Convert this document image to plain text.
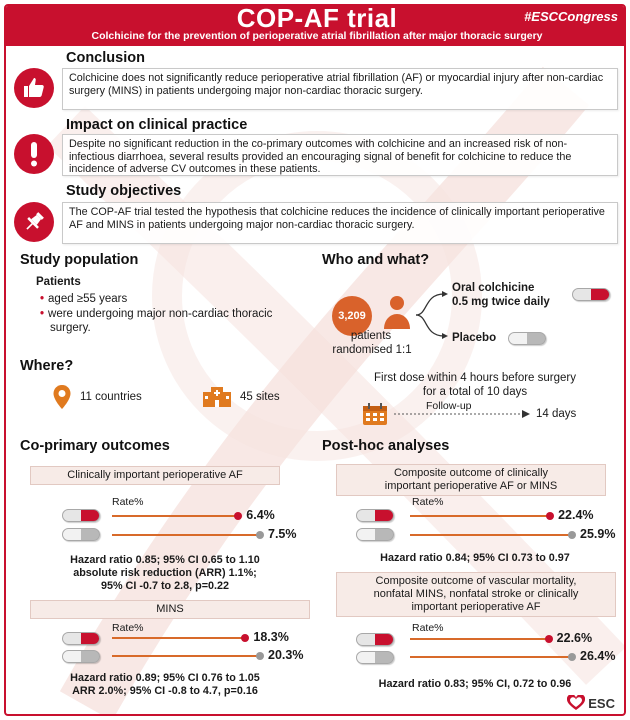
COP-AF trial	#ESCCongress
Colchicine for the prevention of perioperative atrial fibrillation after major thoracic surgery
Conclusion
Colchicine does not significantly reduce perioperative atrial fibrillation (AF) or myocardial injury after non-cardiac surgery (MINS) in patients undergoing major non-cardiac thoracic surgery.
Impact on clinical practice
Despite no significant reduction in the co-primary outcomes with colchicine and an increased risk of non-infectious diarrhoea, several results provided an encouraging signal of benefit for colchicine to reduce the incidence of adverse CV outcomes in these patients.
Study objectives
The COP-AF trial tested the hypothesis that colchicine reduces the incidence of clinically important perioperative AF and MINS in patients undergoing major non-cardiac thoracic surgery.
Study population
Patients
• aged ≥55 years
• were undergoing major non-cardiac thoracic surgery.
Where?
11 countries	45 sites
Who and what?
3,209
Oral colchicine
0.5 mg twice daily
Placebo
patients
randomised 1:1
First dose within 4 hours before surgery
for a total of 10 days
Follow-up
14 days
Co-primary outcomes
Clinically important perioperative AF
Rate%
6.4%
7.5%
Hazard ratio 0.85; 95% CI 0.65 to 1.10
absolute risk reduction (ARR) 1.1%;
95% CI -0.7 to 2.8, p=0.22
MINS
Rate%
18.3%
20.3%
Hazard ratio 0.89; 95% CI 0.76 to 1.05
ARR 2.0%; 95% CI -0.8 to 4.7, p=0.16
Post-hoc analyses
Composite outcome of clinically
important perioperative AF or MINS
Rate%
22.4%
25.9%
Hazard ratio 0.84; 95% CI 0.73 to 0.97
Composite outcome of vascular mortality,
nonfatal MINS, nonfatal stroke or clinically
important perioperative AF
Rate%
22.6%
26.4%
Hazard ratio 0.83; 95% CI, 0.72 to 0.96
ESC
